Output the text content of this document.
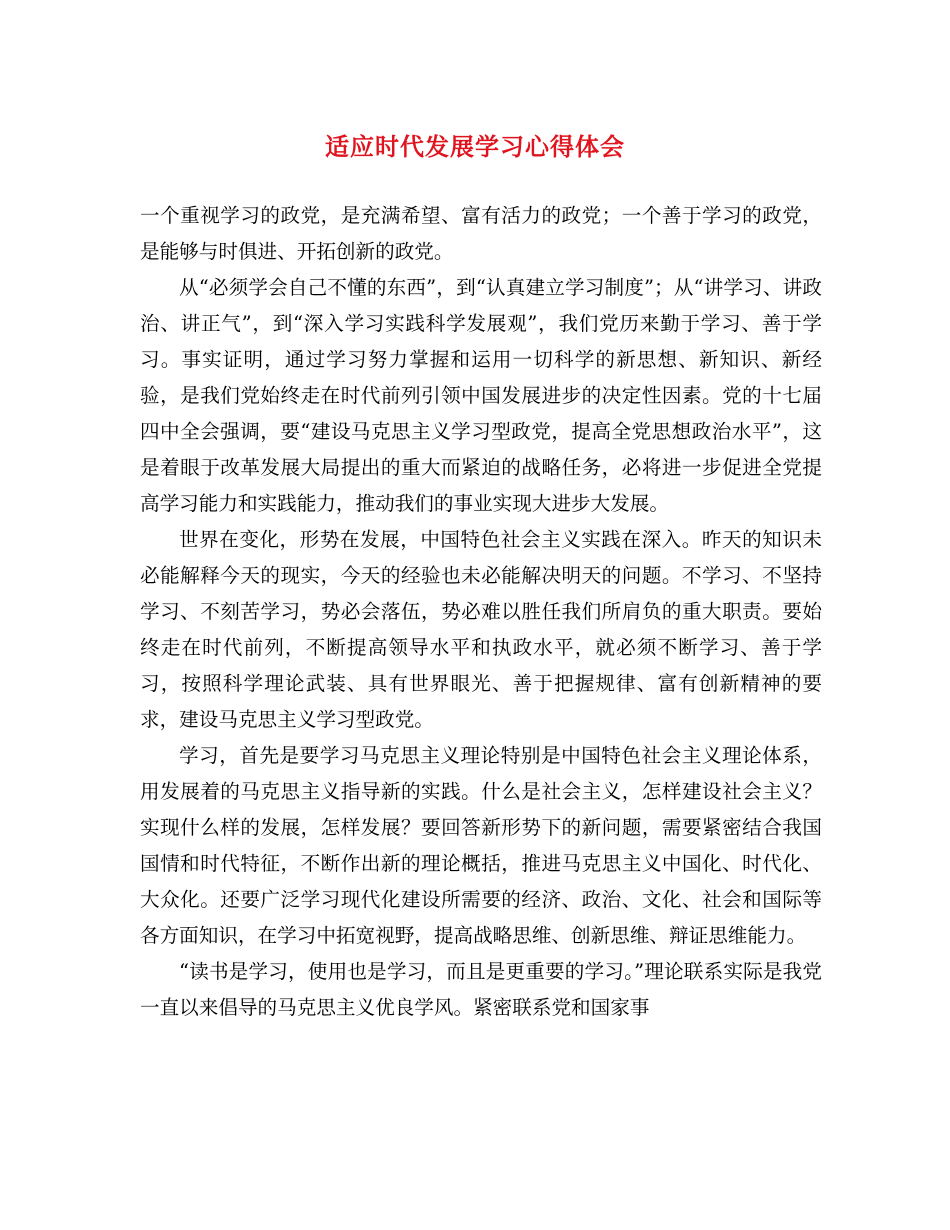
适应时代发展学习心得体会

一个重视学习的政党，是充满希望、富有活力的政党；一个善于学习的政党，是能够与时俱进、开拓创新的政党。

从“必须学会自己不懂的东西”，到“认真建立学习制度”；从“讲学习、讲政治、讲正气”，到“深入学习实践科学发展观”，我们党历来勤于学习、善于学习。事实证明，通过学习努力掌握和运用一切科学的新思想、新知识、新经验，是我们党始终走在时代前列引领中国发展进步的决定性因素。党的十七届四中全会强调，要“建设马克思主义学习型政党，提高全党思想政治水平”，这是着眼于改革发展大局提出的重大而紧迫的战略任务，必将进一步促进全党提高学习能力和实践能力，推动我们的事业实现大进步大发展。

世界在变化，形势在发展，中国特色社会主义实践在深入。昨天的知识未必能解释今天的现实，今天的经验也未必能解决明天的问题。不学习、不坚持学习、不刻苦学习，势必会落伍，势必难以胜任我们所肩负的重大职责。要始终走在时代前列，不断提高领导水平和执政水平，就必须不断学习、善于学习，按照科学理论武装、具有世界眼光、善于把握规律、富有创新精神的要求，建设马克思主义学习型政党。

学习，首先是要学习马克思主义理论特别是中国特色社会主义理论体系，用发展着的马克思主义指导新的实践。什么是社会主义，怎样建设社会主义？实现什么样的发展，怎样发展？要回答新形势下的新问题，需要紧密结合我国国情和时代特征，不断作出新的理论概括，推进马克思主义中国化、时代化、大众化。还要广泛学习现代化建设所需要的经济、政治、文化、社会和国际等各方面知识，在学习中拓宽视野，提高战略思维、创新思维、辩证思维能力。

“读书是学习，使用也是学习，而且是更重要的学习。”理论联系实际是我党一直以来倡导的马克思主义优良学风。紧密联系党和国家事
